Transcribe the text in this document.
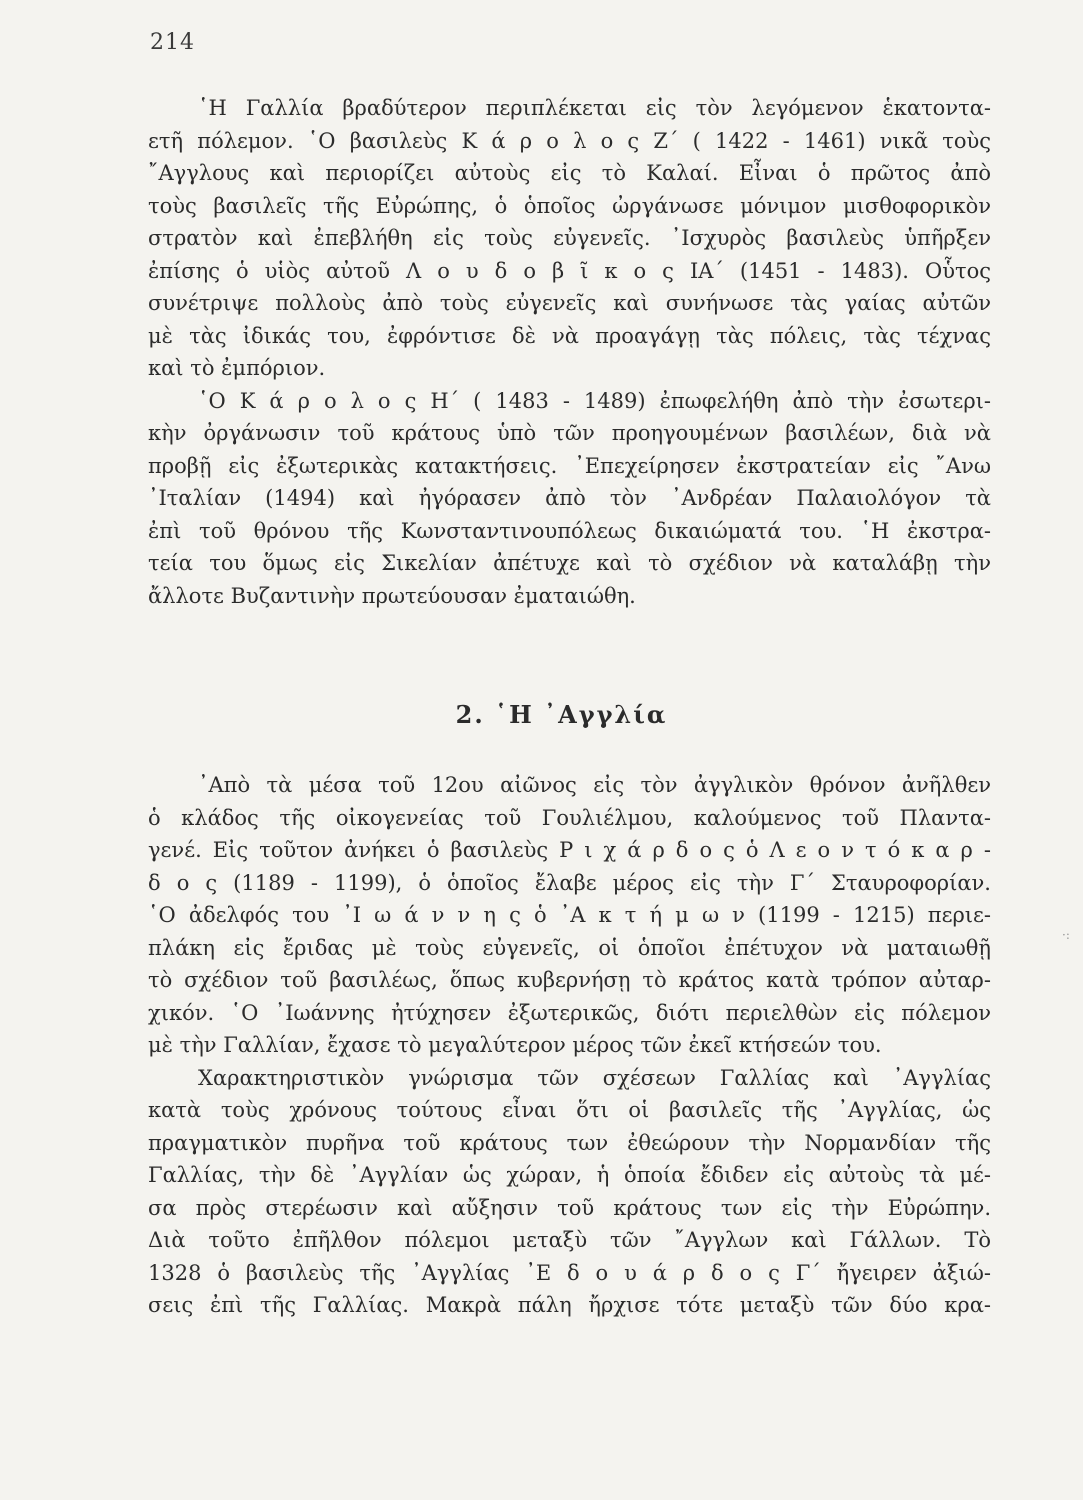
214
῾Η Γαλλία βραδύτερον περιπλέκεται εἰς τὸν λεγόμενον ἑκατοντα-
ετῆ πόλεμον. ῾Ο βασιλεὺς Κ ά ρ ο λ ο ς Ζ΄ ( 1422 - 1461) νικᾶ τοὺς
῎Αγγλους καὶ περιορίζει αὐτοὺς εἰς τὸ Καλαί. Εἶναι ὁ πρῶτος ἀπὸ
τοὺς βασιλεῖς τῆς Εὐρώπης, ὁ ὁποῖος ὠργάνωσε μόνιμον μισθοφορικὸν
στρατὸν καὶ ἐπεβλήθη εἰς τοὺς εὐγενεῖς. ᾽Ισχυρὸς βασιλεὺς ὑπῆρξεν
ἐπίσης ὁ υἱὸς αὐτοῦ Λ ο υ δ ο β ῖ κ ο ς ΙΑ΄ (1451 - 1483). Οὗτος
συνέτριψε πολλοὺς ἀπὸ τοὺς εὐγενεῖς καὶ συνήνωσε τὰς γαίας αὐτῶν
μὲ τὰς ἰδικάς του, ἐφρόντισε δὲ νὰ προαγάγῃ τὰς πόλεις, τὰς τέχνας
καὶ τὸ ἐμπόριον.
῾Ο Κ ά ρ ο λ ο ς Η΄ ( 1483 - 1489) ἐπωφελήθη ἀπὸ τὴν ἐσωτερι-
κὴν ὀργάνωσιν τοῦ κράτους ὑπὸ τῶν προηγουμένων βασιλέων, διὰ νὰ
προβῇ εἰς ἐξωτερικὰς κατακτήσεις. ᾽Επεχείρησεν ἐκστρατείαν εἰς ῎Ανω
᾽Ιταλίαν (1494) καὶ ἠγόρασεν ἀπὸ τὸν ᾽Ανδρέαν Παλαιολόγον τὰ
ἐπὶ τοῦ θρόνου τῆς Κωνσταντινουπόλεως δικαιώματά του. ῾Η ἐκστρα-
τεία του ὅμως εἰς Σικελίαν ἀπέτυχε καὶ τὸ σχέδιον νὰ καταλάβῃ τὴν
ἄλλοτε Βυζαντινὴν πρωτεύουσαν ἐματαιώθη.
2. ῾Η ᾽Αγγλία
᾽Απὸ τὰ μέσα τοῦ 12ου αἰῶνος εἰς τὸν ἀγγλικὸν θρόνον ἀνῆλθεν
ὁ κλάδος τῆς οἰκογενείας τοῦ Γουλιέλμου, καλούμενος τοῦ Πλαντα-
γενέ. Εἰς τοῦτον ἀνήκει ὁ βασιλεὺς Ρ ι χ ά ρ δ ο ς ὁ Λ ε ο ν τ ό κ α ρ -
δ ο ς (1189 - 1199), ὁ ὁποῖος ἔλαβε μέρος εἰς τὴν Γ΄ Σταυροφορίαν.
῾Ο ἀδελφός του ᾽Ι ω ά ν ν η ς ὁ ᾽Α κ τ ή μ ω ν (1199 - 1215) περιε-
πλάκη εἰς ἔριδας μὲ τοὺς εὐγενεῖς, οἱ ὁποῖοι ἐπέτυχον νὰ ματαιωθῇ
τὸ σχέδιον τοῦ βασιλέως, ὅπως κυβερνήσῃ τὸ κράτος κατὰ τρόπον αὐταρ-
χικόν. ῾Ο ᾽Ιωάννης ἠτύχησεν ἐξωτερικῶς, διότι περιελθὼν εἰς πόλεμον
μὲ τὴν Γαλλίαν, ἔχασε τὸ μεγαλύτερον μέρος τῶν ἐκεῖ κτήσεών του.
Χαρακτηριστικὸν γνώρισμα τῶν σχέσεων Γαλλίας καὶ ᾽Αγγλίας
κατὰ τοὺς χρόνους τούτους εἶναι ὅτι οἱ βασιλεῖς τῆς ᾽Αγγλίας, ὡς
πραγματικὸν πυρῆνα τοῦ κράτους των ἐθεώρουν τὴν Νορμανδίαν τῆς
Γαλλίας, τὴν δὲ ᾽Αγγλίαν ὡς χώραν, ἡ ὁποία ἔδιδεν εἰς αὐτοὺς τὰ μέ-
σα πρὸς στερέωσιν καὶ αὔξησιν τοῦ κράτους των εἰς τὴν Εὐρώπην.
Διὰ τοῦτο ἐπῆλθον πόλεμοι μεταξὺ τῶν ῎Αγγλων καὶ Γάλλων. Τὸ
1328 ὁ βασιλεὺς τῆς ᾽Αγγλίας ᾽Ε δ ο υ ά ρ δ ο ς Γ΄ ἤγειρεν ἀξιώ-
σεις ἐπὶ τῆς Γαλλίας. Μακρὰ πάλη ἤρχισε τότε μεταξὺ τῶν δύο κρα-
·:
